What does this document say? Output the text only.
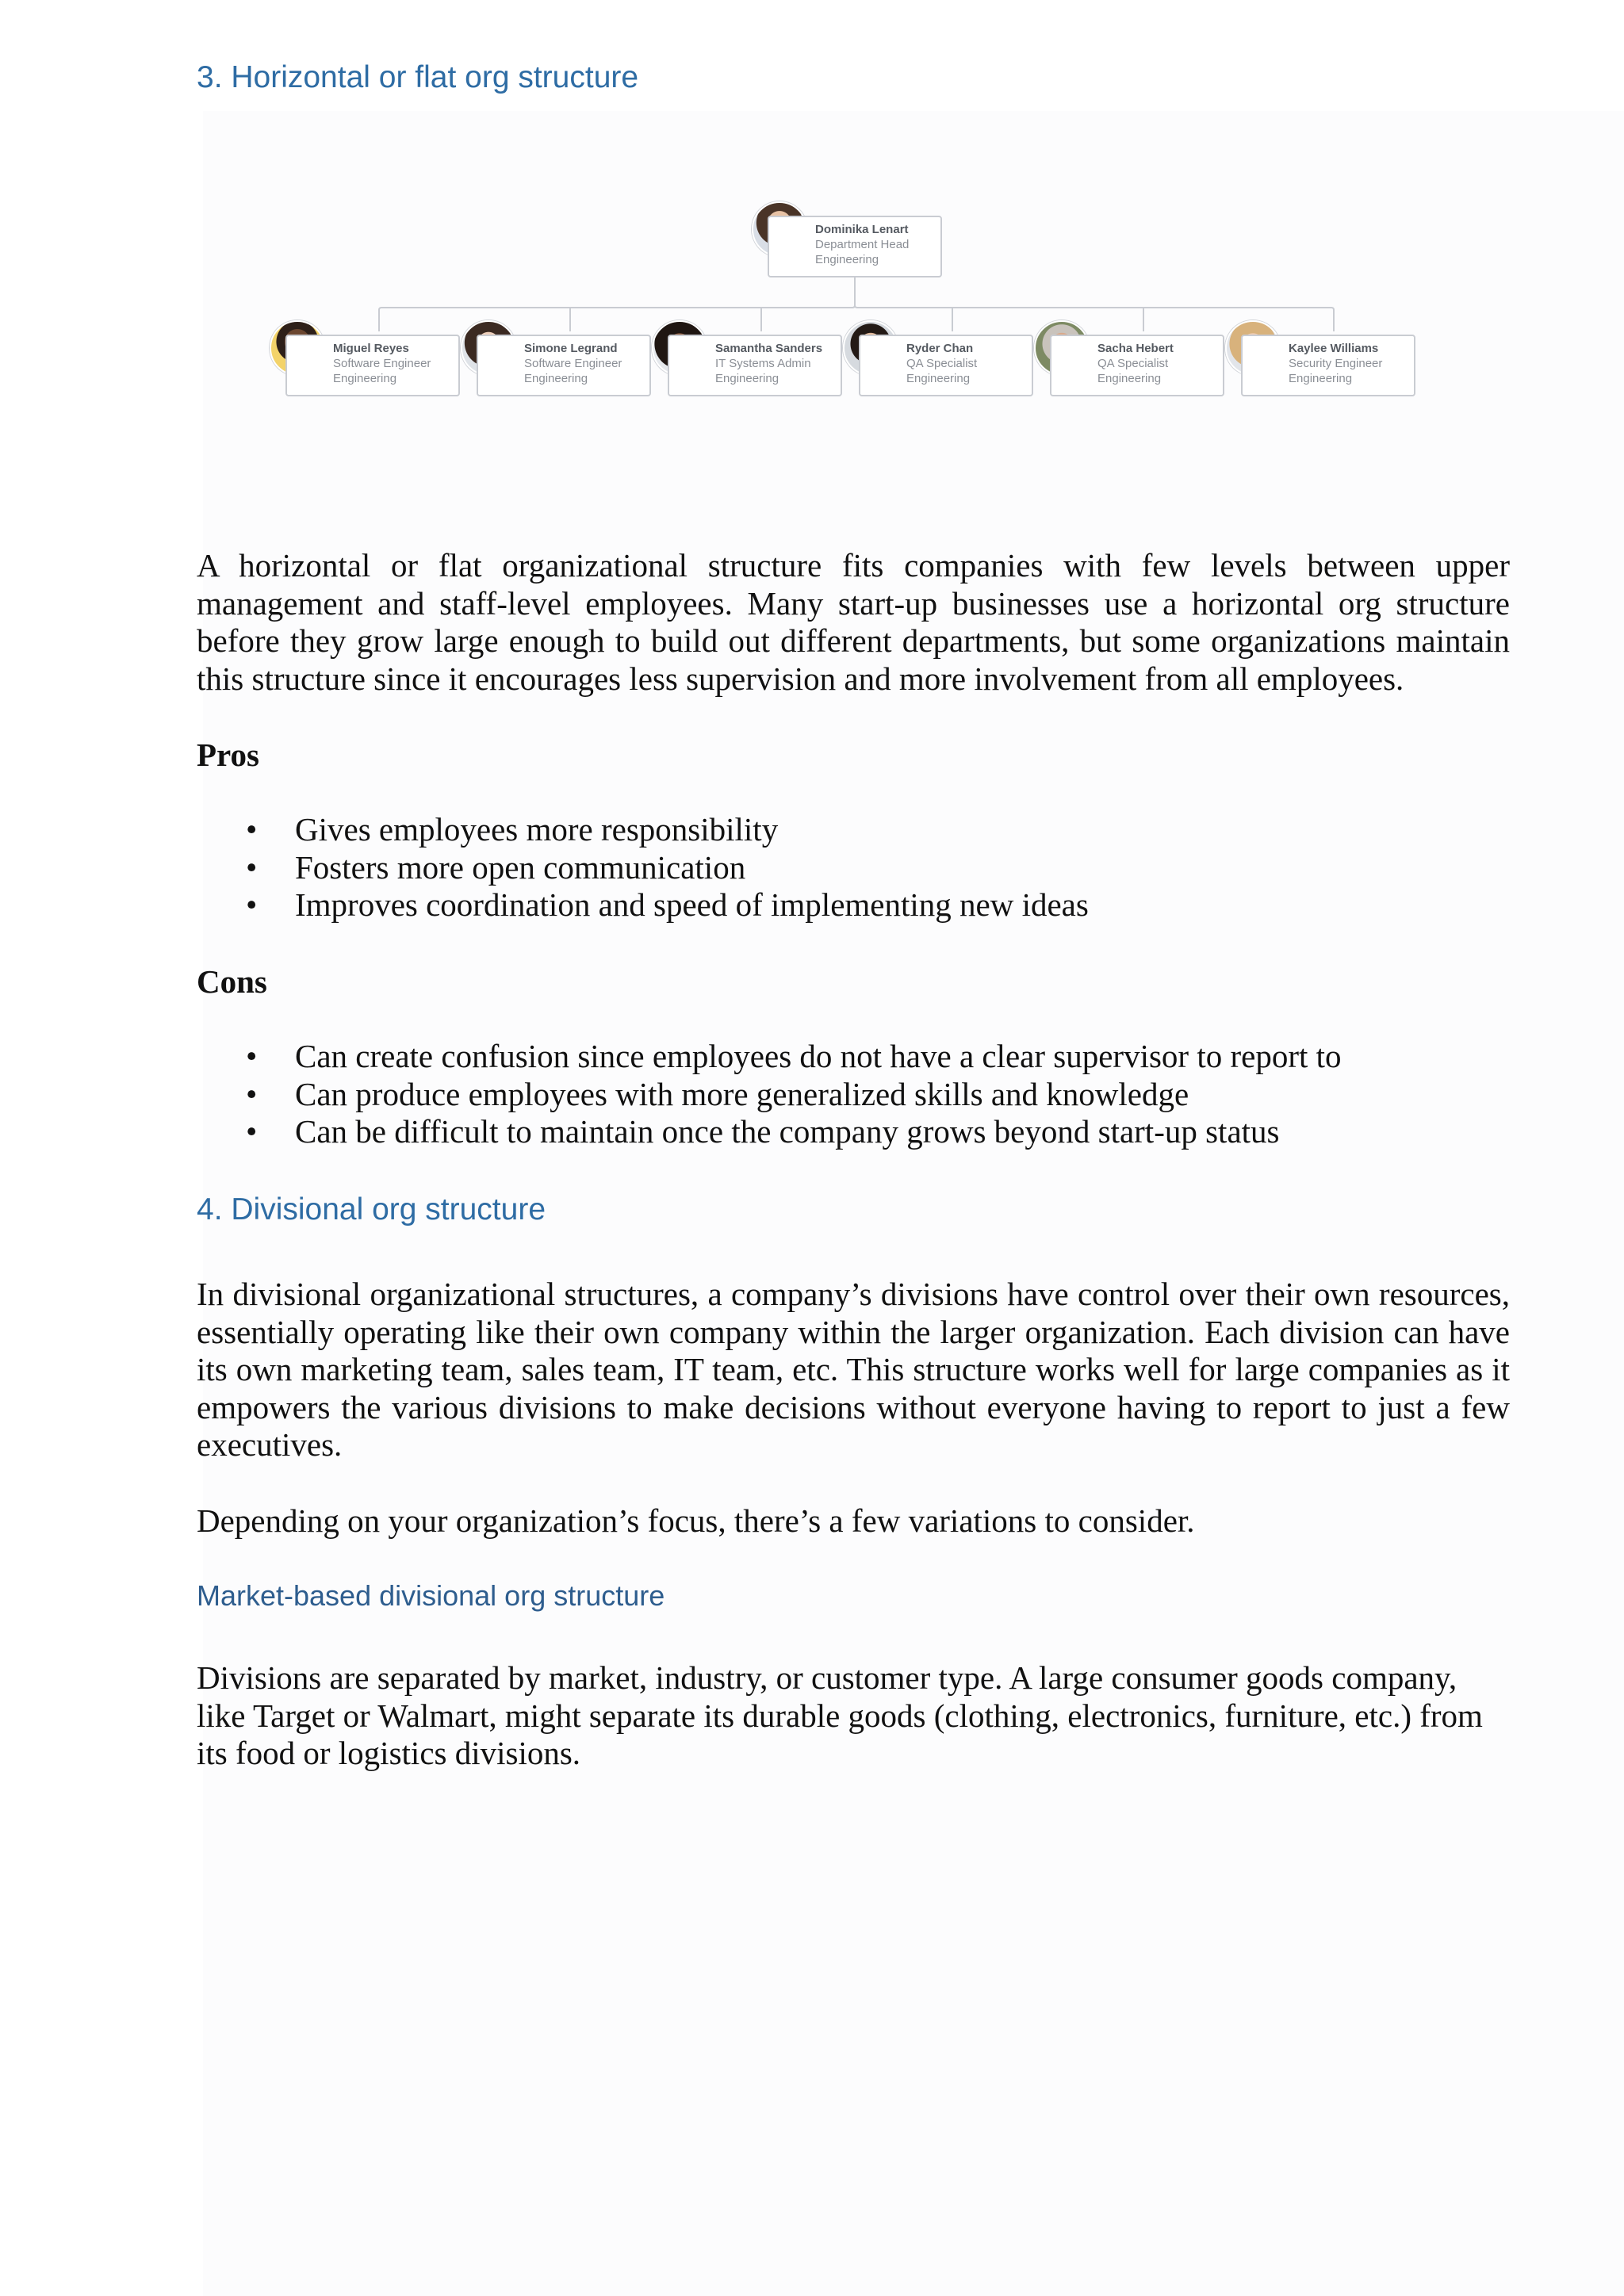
Dominika Lenart
Department Head
Engineering
Miguel Reyes
Software Engineer
Engineering
Simone Legrand
Software Engineer
Engineering
Samantha Sanders
IT Systems Admin
Engineering
Ryder Chan
QA Specialist
Engineering
Sacha Hebert
QA Specialist
Engineering
Kaylee Williams
Security Engineer
Engineering
3. Horizontal or flat org structure

A horizontal or flat organizational structure fits companies with few levels between upper management and staff-level employees. Many start-up businesses use a horizontal org structure before they grow large enough to build out different departments, but some organizations maintain this structure since it encourages less supervision and more involvement from all employees.

Pros

• Gives employees more responsibility
• Fosters more open communication
• Improves coordination and speed of implementing new ideas

Cons

• Can create confusion since employees do not have a clear supervisor to report to
• Can produce employees with more generalized skills and knowledge
• Can be difficult to maintain once the company grows beyond start-up status
4. Divisional org structure

In divisional organizational structures, a company’s divisions have control over their own resources, essentially operating like their own company within the larger organization. Each division can have its own marketing team, sales team, IT team, etc. This structure works well for large companies as it empowers the various divisions to make decisions without everyone having to report to just a few executives.

Depending on your organization’s focus, there’s a few variations to consider.

Market-based divisional org structure

Divisions are separated by market, industry, or customer type. A large consumer goods company, like Target or Walmart, might separate its durable goods (clothing, electronics, furniture, etc.) from its food or logistics divisions.
